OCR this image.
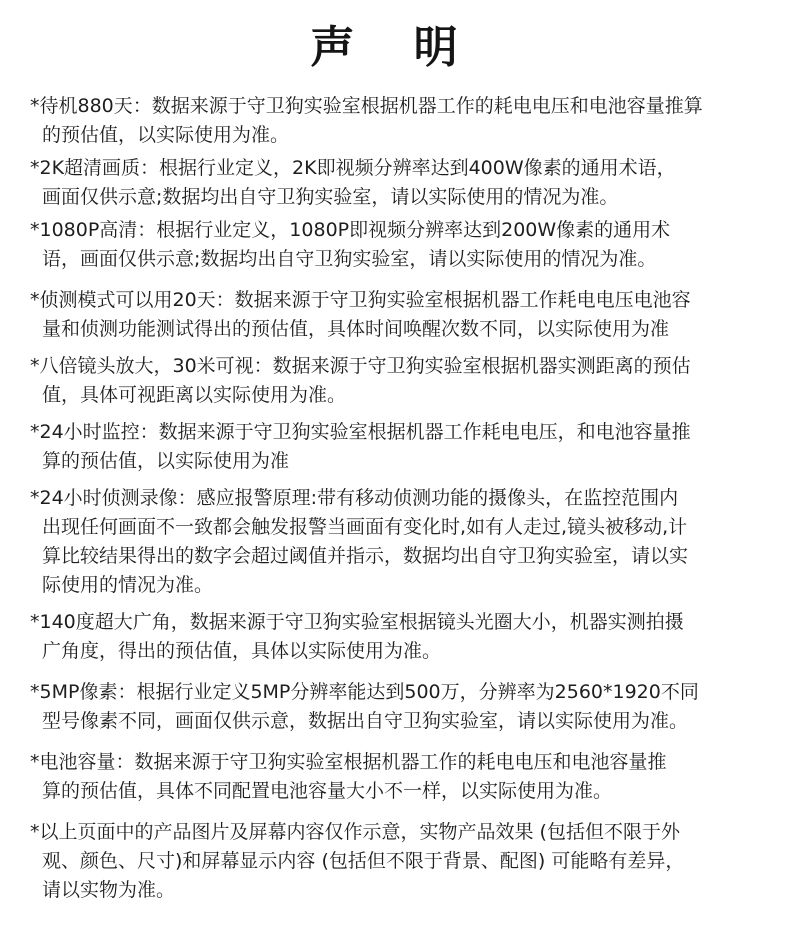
声 明
*待机880天：数据来源于守卫狗实验室根据机器工作的耗电电压和电池容量推算
的预估值，以实际使用为准。
*2K超清画质：根据行业定义，2K即视频分辨率达到400W像素的通用术语，
画面仅供示意;数据均出自守卫狗实验室，请以实际使用的情况为准。
*1080P高清：根据行业定义，1080P即视频分辨率达到200W像素的通用术
语，画面仅供示意;数据均出自守卫狗实验室，请以实际使用的情况为准。
*侦测模式可以用20天：数据来源于守卫狗实验室根据机器工作耗电电压电池容
量和侦测功能测试得出的预估值，具体时间唤醒次数不同，以实际使用为准
*八倍镜头放大，30米可视：数据来源于守卫狗实验室根据机器实测距离的预估
值，具体可视距离以实际使用为准。
*24小时监控：数据来源于守卫狗实验室根据机器工作耗电电压，和电池容量推
算的预估值，以实际使用为准
*24小时侦测录像：感应报警原理:带有移动侦测功能的摄像头，在监控范围内
出现任何画面不一致都会触发报警当画面有变化时,如有人走过,镜头被移动,计
算比较结果得出的数字会超过阈值并指示，数据均出自守卫狗实验室，请以实
际使用的情况为准。
*140度超大广角，数据来源于守卫狗实验室根据镜头光圈大小，机器实测拍摄
广角度，得出的预估值，具体以实际使用为准。
*5MP像素：根据行业定义5MP分辨率能达到500万，分辨率为2560*1920不同
型号像素不同，画面仅供示意，数据出自守卫狗实验室，请以实际使用为准。
*电池容量：数据来源于守卫狗实验室根据机器工作的耗电电压和电池容量推
算的预估值，具体不同配置电池容量大小不一样，以实际使用为准。
*以上页面中的产品图片及屏幕内容仅作示意，实物产品效果 (包括但不限于外
观、颜色、尺寸)和屏幕显示内容 (包括但不限于背景、配图) 可能略有差异，
请以实物为准。
